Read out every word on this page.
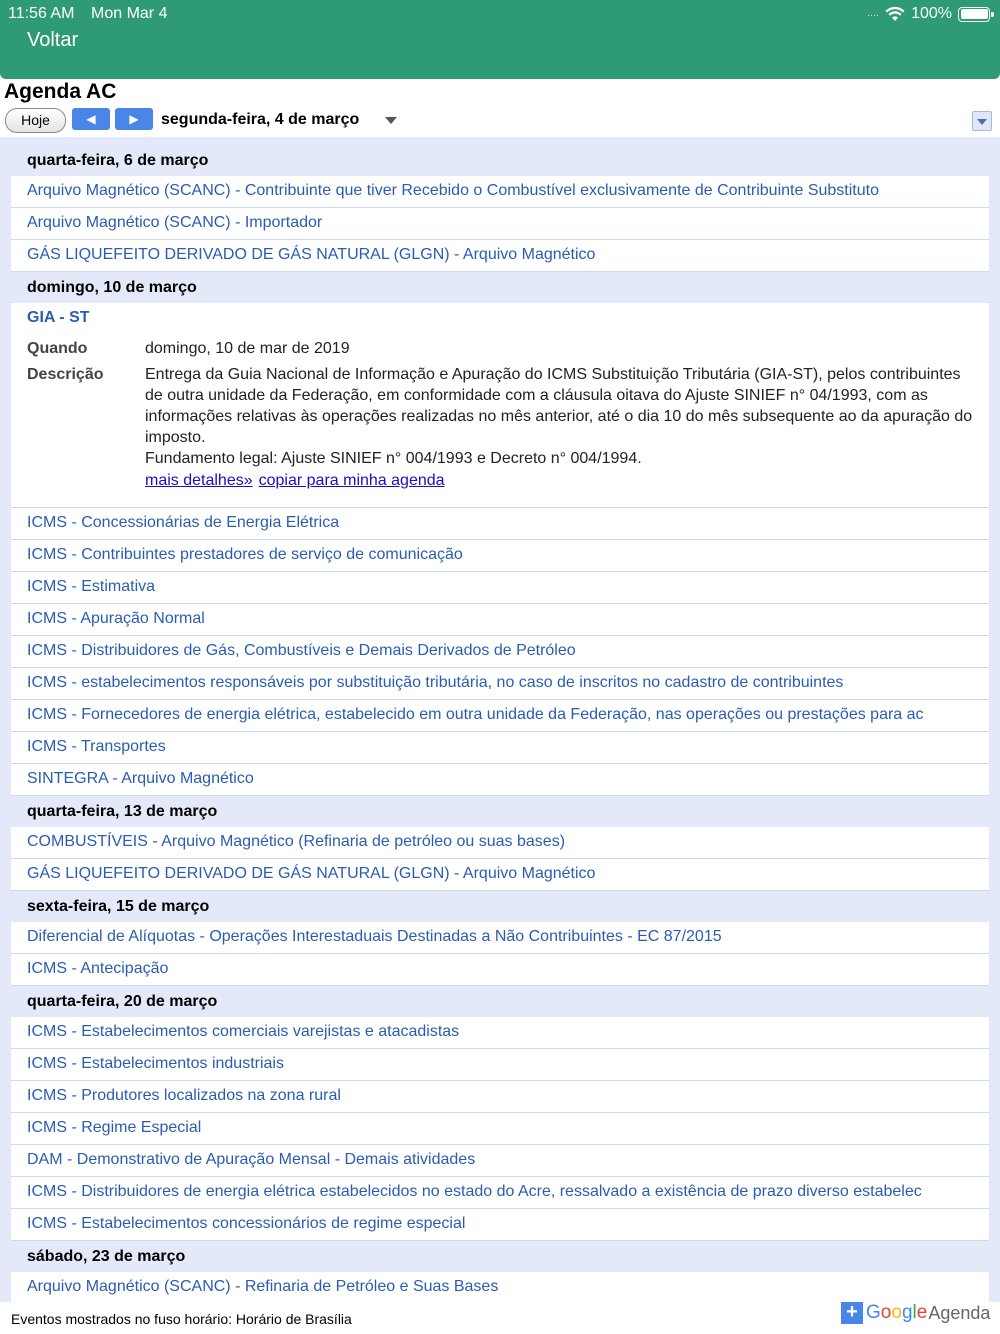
11:56 AM Mon Mar 4	.... 100%
Voltar
Agenda AC
Hoje	◀	▶	segunda-feira, 4 de março
quarta-feira, 6 de março
Arquivo Magnético (SCANC) - Contribuinte que tiver Recebido o Combustível exclusivamente de Contribuinte Substituto
Arquivo Magnético (SCANC) - Importador
GÁS LIQUEFEITO DERIVADO DE GÁS NATURAL (GLGN) - Arquivo Magnético
domingo, 10 de março
GIA - ST
Quando	domingo, 10 de mar de 2019
Descrição	Entrega da Guia Nacional de Informação e Apuração do ICMS Substituição Tributária (GIA-ST), pelos contribuintes de outra unidade da Federação, em conformidade com a cláusula oitava do Ajuste SINIEF n° 04/1993, com as informações relativas às operações realizadas no mês anterior, até o dia 10 do mês subsequente ao da apuração do imposto.
Fundamento legal: Ajuste SINIEF n° 004/1993 e Decreto n° 004/1994.
mais detalhes» copiar para minha agenda
ICMS - Concessionárias de Energia Elétrica
ICMS - Contribuintes prestadores de serviço de comunicação
ICMS - Estimativa
ICMS - Apuração Normal
ICMS - Distribuidores de Gás, Combustíveis e Demais Derivados de Petróleo
ICMS - estabelecimentos responsáveis por substituição tributária, no caso de inscritos no cadastro de contribuintes
ICMS - Fornecedores de energia elétrica, estabelecido em outra unidade da Federação, nas operações ou prestações para ac
ICMS - Transportes
SINTEGRA - Arquivo Magnético
quarta-feira, 13 de março
COMBUSTÍVEIS - Arquivo Magnético (Refinaria de petróleo ou suas bases)
GÁS LIQUEFEITO DERIVADO DE GÁS NATURAL (GLGN) - Arquivo Magnético
sexta-feira, 15 de março
Diferencial de Alíquotas - Operações Interestaduais Destinadas a Não Contribuintes - EC 87/2015
ICMS - Antecipação
quarta-feira, 20 de março
ICMS - Estabelecimentos comerciais varejistas e atacadistas
ICMS - Estabelecimentos industriais
ICMS - Produtores localizados na zona rural
ICMS - Regime Especial
DAM - Demonstrativo de Apuração Mensal - Demais atividades
ICMS - Distribuidores de energia elétrica estabelecidos no estado do Acre, ressalvado a existência de prazo diverso estabelec
ICMS - Estabelecimentos concessionários de regime especial
sábado, 23 de março
Arquivo Magnético (SCANC) - Refinaria de Petróleo e Suas Bases
Eventos mostrados no fuso horário: Horário de Brasília	+ Google Agenda
